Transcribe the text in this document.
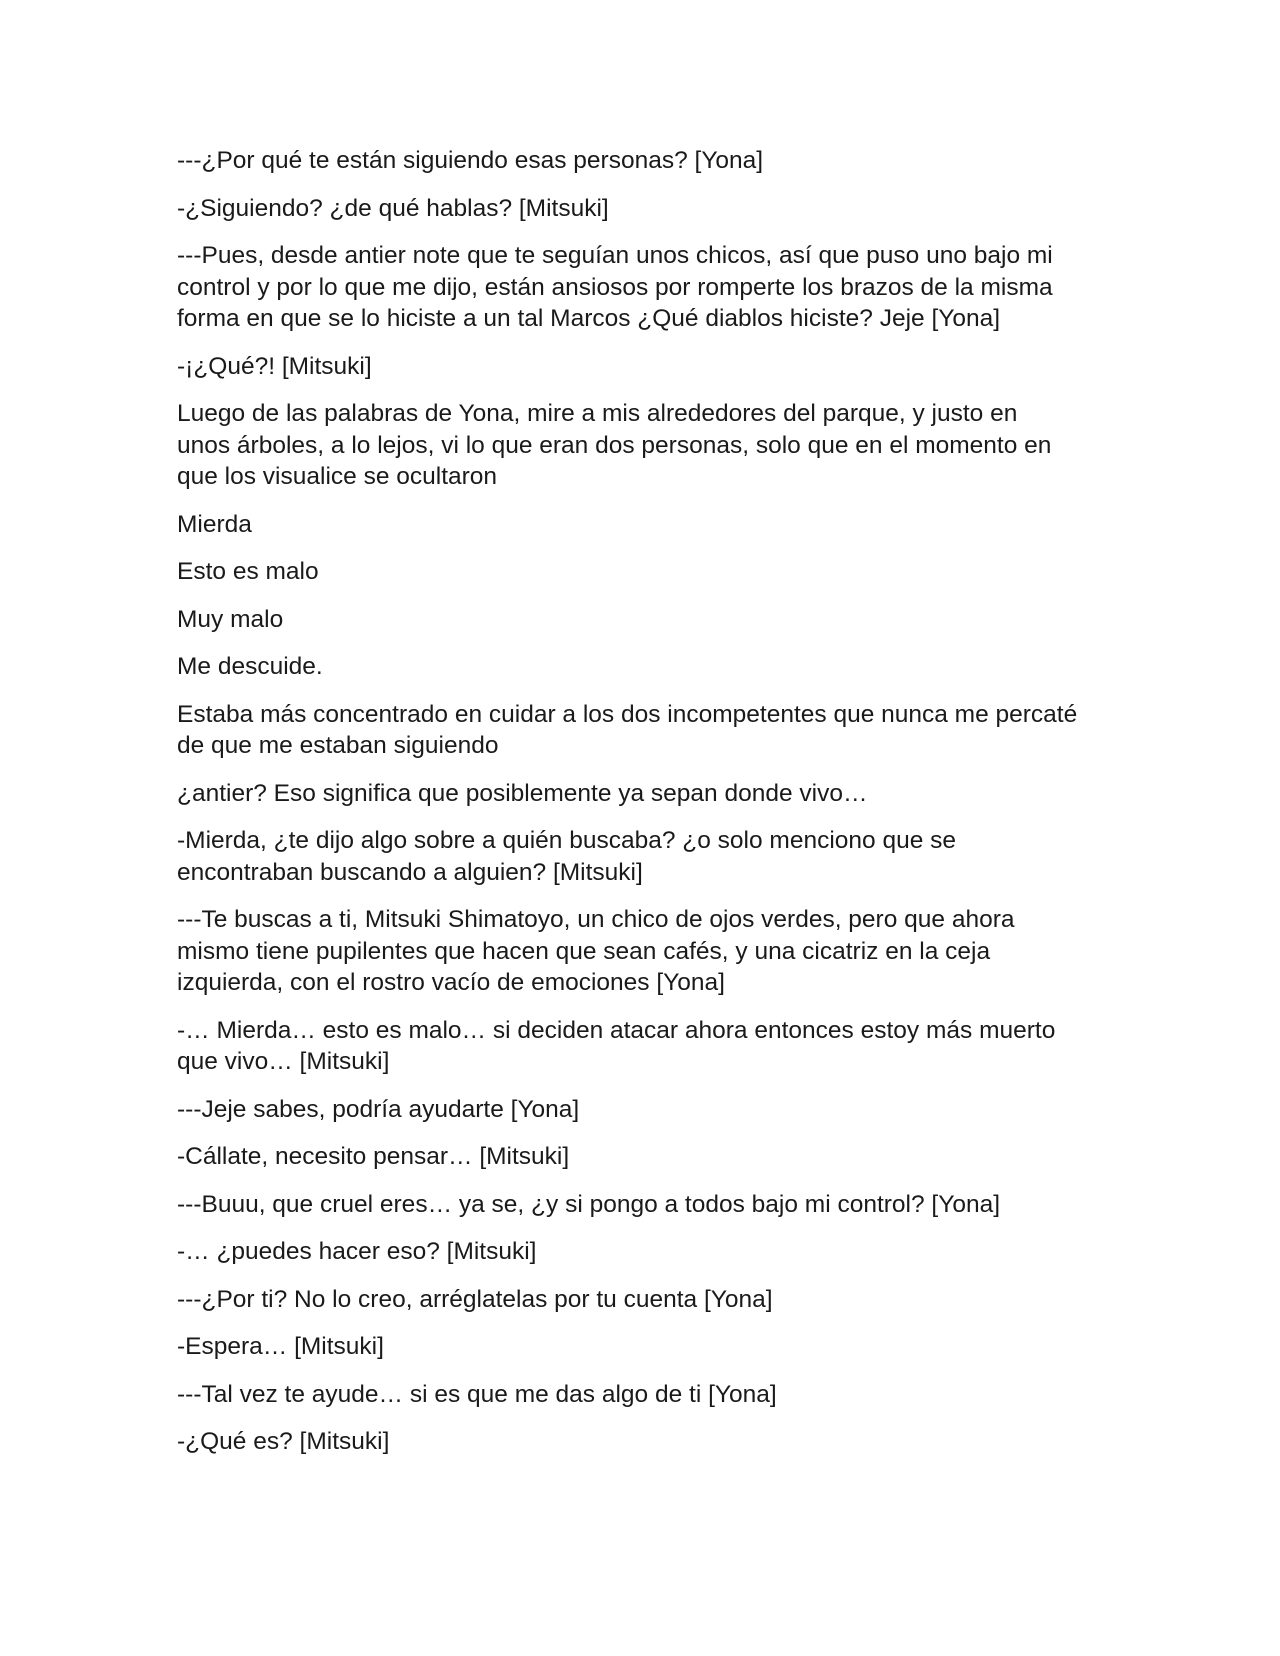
---¿Por qué te están siguiendo esas personas? [Yona]

-¿Siguiendo? ¿de qué hablas? [Mitsuki]

---Pues, desde antier note que te seguían unos chicos, así que puso uno bajo mi
control y por lo que me dijo, están ansiosos por romperte los brazos de la misma
forma en que se lo hiciste a un tal Marcos ¿Qué diablos hiciste? Jeje [Yona]

-¡¿Qué?! [Mitsuki]

Luego de las palabras de Yona, mire a mis alrededores del parque, y justo en
unos árboles, a lo lejos, vi lo que eran dos personas, solo que en el momento en
que los visualice se ocultaron

Mierda

Esto es malo

Muy malo

Me descuide.

Estaba más concentrado en cuidar a los dos incompetentes que nunca me percaté
de que me estaban siguiendo

¿antier? Eso significa que posiblemente ya sepan donde vivo…

-Mierda, ¿te dijo algo sobre a quién buscaba? ¿o solo menciono que se
encontraban buscando a alguien? [Mitsuki]

---Te buscas a ti, Mitsuki Shimatoyo, un chico de ojos verdes, pero que ahora
mismo tiene pupilentes que hacen que sean cafés, y una cicatriz en la ceja
izquierda, con el rostro vacío de emociones [Yona]

-… Mierda… esto es malo… si deciden atacar ahora entonces estoy más muerto
que vivo… [Mitsuki]

---Jeje sabes, podría ayudarte [Yona]

-Cállate, necesito pensar… [Mitsuki]

---Buuu, que cruel eres… ya se, ¿y si pongo a todos bajo mi control? [Yona]

-… ¿puedes hacer eso? [Mitsuki]

---¿Por ti? No lo creo, arréglatelas por tu cuenta [Yona]

-Espera… [Mitsuki]

---Tal vez te ayude… si es que me das algo de ti [Yona]

-¿Qué es? [Mitsuki]
